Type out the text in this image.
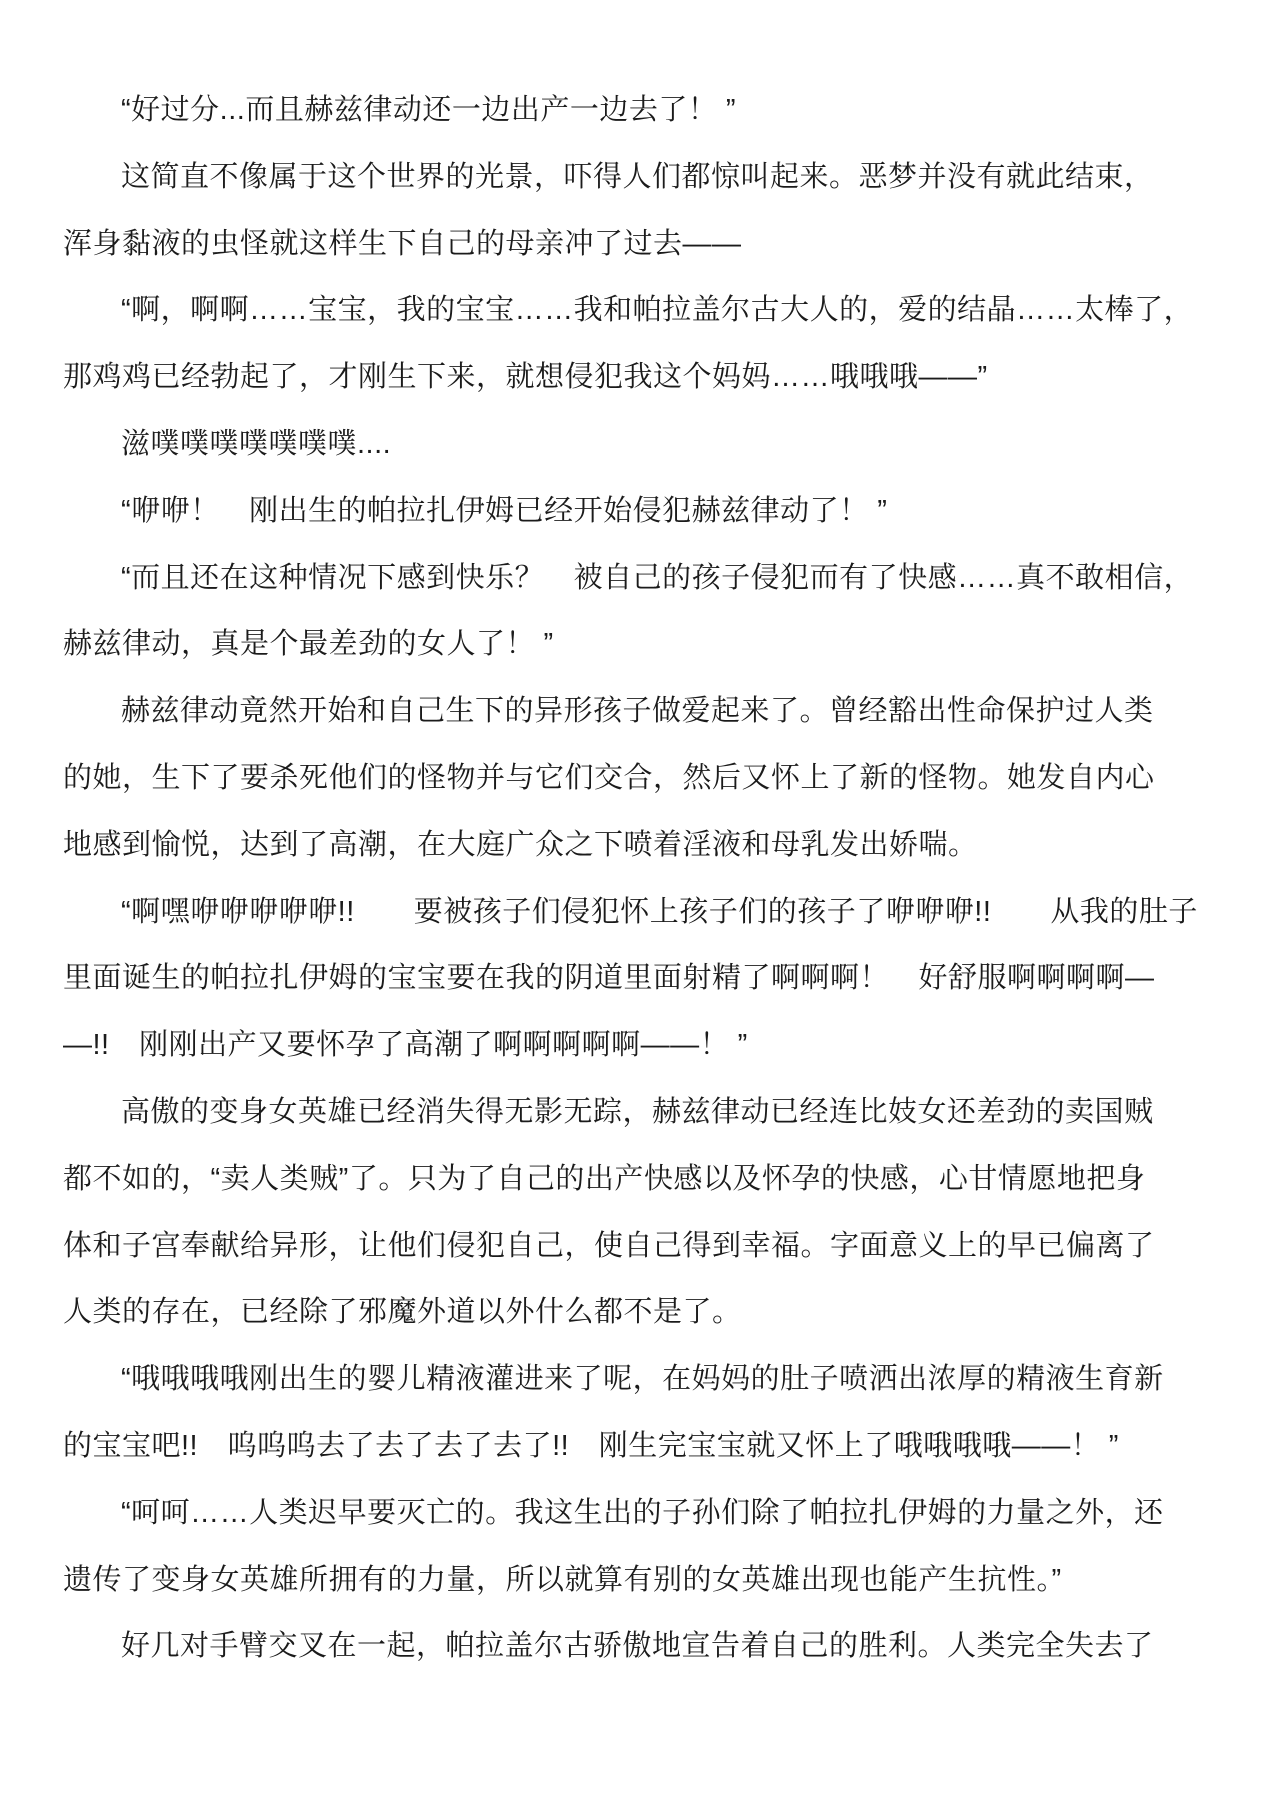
“好过分...而且赫兹律动还一边出产一边去了！ ”
这简直不像属于这个世界的光景，吓得人们都惊叫起来。恶梦并没有就此结束，
浑身黏液的虫怪就这样生下自己的母亲冲了过去——
“啊，啊啊……宝宝，我的宝宝……我和帕拉盖尔古大人的，爱的结晶……太棒了，
那鸡鸡已经勃起了，才刚生下来，就想侵犯我这个妈妈……哦哦哦——”
滋噗噗噗噗噗噗噗....
“咿咿！　刚出生的帕拉扎伊姆已经开始侵犯赫兹律动了！ ”
“而且还在这种情况下感到快乐？　被自己的孩子侵犯而有了快感……真不敢相信，
赫兹律动，真是个最差劲的女人了！ ”
赫兹律动竟然开始和自己生下的异形孩子做爱起来了。曾经豁出性命保护过人类
的她，生下了要杀死他们的怪物并与它们交合，然后又怀上了新的怪物。她发自内心
地感到愉悦，达到了高潮，在大庭广众之下喷着淫液和母乳发出娇喘。
“啊嘿咿咿咿咿咿!!　　要被孩子们侵犯怀上孩子们的孩子了咿咿咿!!　　从我的肚子
里面诞生的帕拉扎伊姆的宝宝要在我的阴道里面射精了啊啊啊！　好舒服啊啊啊啊—
—!!　刚刚出产又要怀孕了高潮了啊啊啊啊啊——！ ”
高傲的变身女英雄已经消失得无影无踪，赫兹律动已经连比妓女还差劲的卖国贼
都不如的，“卖人类贼”了。只为了自己的出产快感以及怀孕的快感，心甘情愿地把身
体和子宫奉献给异形，让他们侵犯自己，使自己得到幸福。字面意义上的早已偏离了
人类的存在，已经除了邪魔外道以外什么都不是了。
“哦哦哦哦刚出生的婴儿精液灌进来了呢，在妈妈的肚子喷洒出浓厚的精液生育新
的宝宝吧!!　呜呜呜去了去了去了去了!!　刚生完宝宝就又怀上了哦哦哦哦——！ ”
“呵呵……人类迟早要灭亡的。我这生出的子孙们除了帕拉扎伊姆的力量之外，还
遗传了变身女英雄所拥有的力量，所以就算有别的女英雄出现也能产生抗性。”
好几对手臂交叉在一起，帕拉盖尔古骄傲地宣告着自己的胜利。人类完全失去了
